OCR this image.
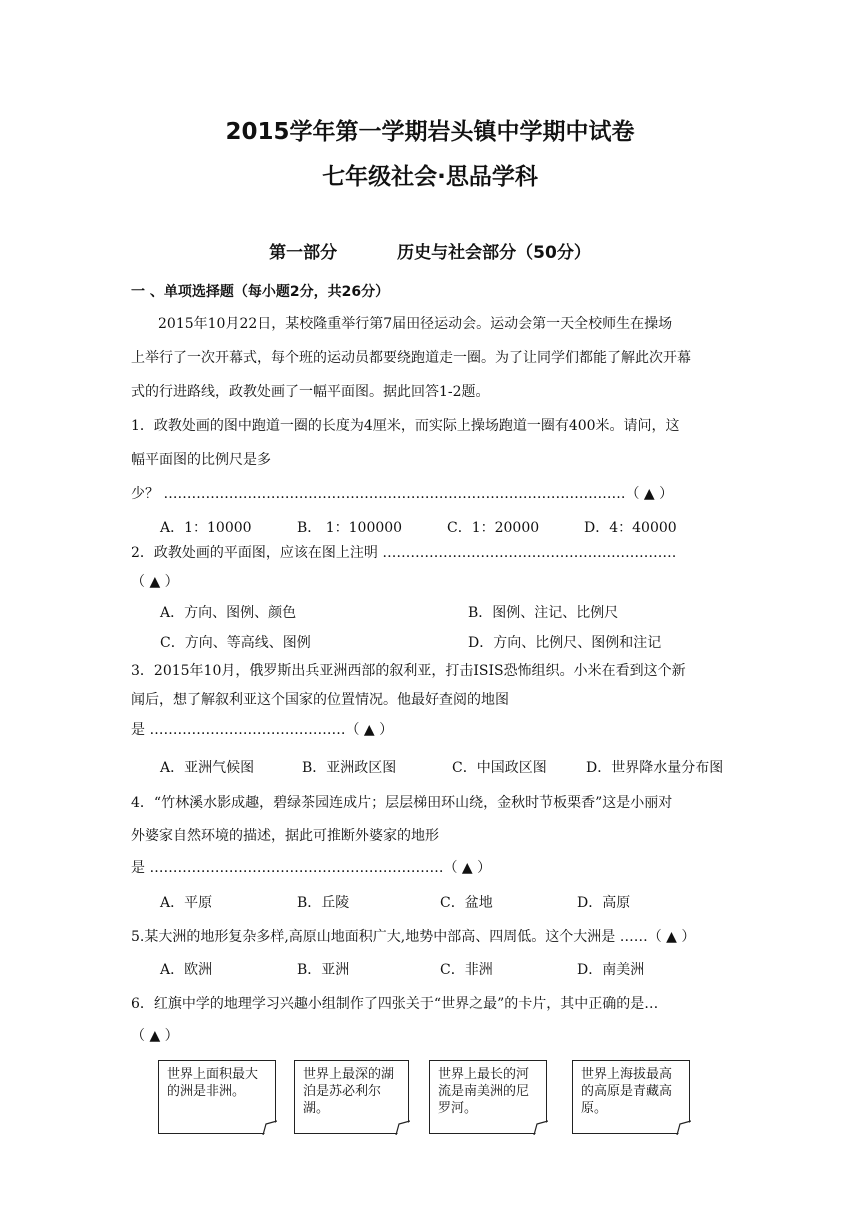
2015学年第一学期岩头镇中学期中试卷
七年级社会·思品学科
第一部分	历史与社会部分（50分）
一 、单项选择题（每小题2分，共26分）
2015年10月22日，某校隆重举行第7届田径运动会。运动会第一天全校师生在操场
上举行了一次开幕式，每个班的运动员都要绕跑道走一圈。为了让同学们都能了解此次开幕
式的行进路线，政教处画了一幅平面图。据此回答1-2题。
1．政教处画的图中跑道一圈的长度为4厘米，而实际上操场跑道一圈有400米。请问，这
幅平面图的比例尺是多
少？ ………………………………………………………………………………………（ ▲ ）
A．1：10000	B． 1：100000	C．1：20000	D．4：40000
2．政教处画的平面图，应该在图上注明 ………………………………………………………
（ ▲ ）
A．方向、图例、颜色	B．图例、注记、比例尺
C．方向、等高线、图例	D．方向、比例尺、图例和注记
3．2015年10月，俄罗斯出兵亚洲西部的叙利亚，打击ISIS恐怖组织。小米在看到这个新
闻后，想了解叙利亚这个国家的位置情况。他最好查阅的地图
是 ……………………………………（ ▲ ）
A．亚洲气候图	B．亚洲政区图	C．中国政区图	D．世界降水量分布图
4．“竹林溪水影成趣，碧绿茶园连成片；层层梯田环山绕，金秋时节板栗香”这是小丽对
外婆家自然环境的描述，据此可推断外婆家的地形
是 ………………………………………………………（ ▲ ）
A．平原	B．丘陵	C．盆地	D．高原
5.某大洲的地形复杂多样,高原山地面积广大,地势中部高、四周低。这个大洲是 ……（ ▲ ）
A．欧洲	B．亚洲	C．非洲	D．南美洲
6．红旗中学的地理学习兴趣小组制作了四张关于“世界之最”的卡片，其中正确的是…
（ ▲ ）
世界上面积最大的洲是非洲。
世界上最深的湖泊是苏必利尔湖。
世界上最长的河流是南美洲的尼罗河。
世界上海拔最高的高原是青藏高原。
